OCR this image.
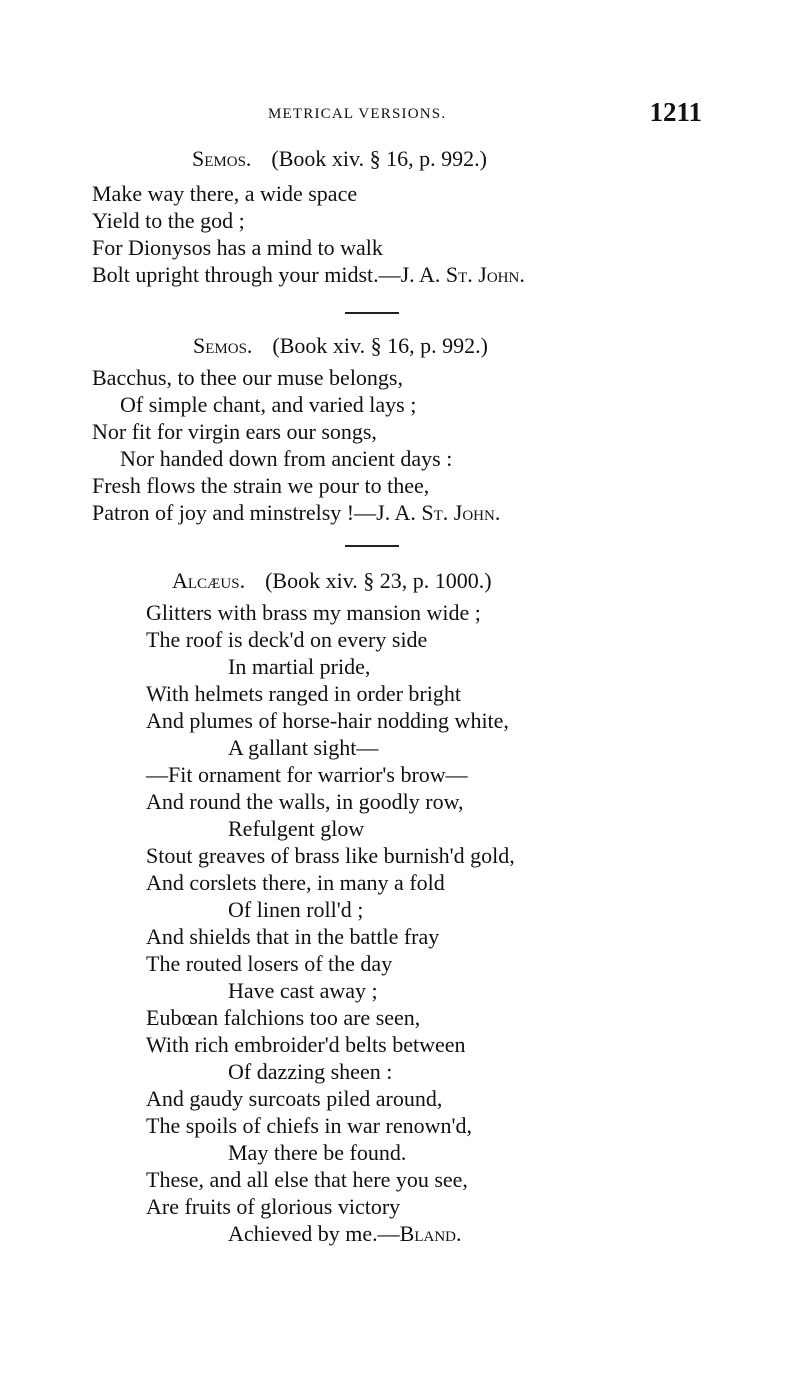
METRICAL VERSIONS.	1211
Semos. (Book xiv. § 16, p. 992.)
Make way there, a wide space
Yield to the god ;
For Dionysos has a mind to walk
Bolt upright through your midst.—J. A. St. John.
Semos. (Book xiv. § 16, p. 992.)
Bacchus, to thee our muse belongs,
Of simple chant, and varied lays ;
Nor fit for virgin ears our songs,
Nor handed down from ancient days :
Fresh flows the strain we pour to thee,
Patron of joy and minstrelsy !—J. A. St. John.
Alcæus. (Book xiv. § 23, p. 1000.)
Glitters with brass my mansion wide ;
The roof is deck'd on every side
In martial pride,
With helmets ranged in order bright
And plumes of horse-hair nodding white,
A gallant sight—
—Fit ornament for warrior's brow—
And round the walls, in goodly row,
Refulgent glow
Stout greaves of brass like burnish'd gold,
And corslets there, in many a fold
Of linen roll'd ;
And shields that in the battle fray
The routed losers of the day
Have cast away ;
Eubœan falchions too are seen,
With rich embroider'd belts between
Of dazzing sheen :
And gaudy surcoats piled around,
The spoils of chiefs in war renown'd,
May there be found.
These, and all else that here you see,
Are fruits of glorious victory
Achieved by me.—Bland.
